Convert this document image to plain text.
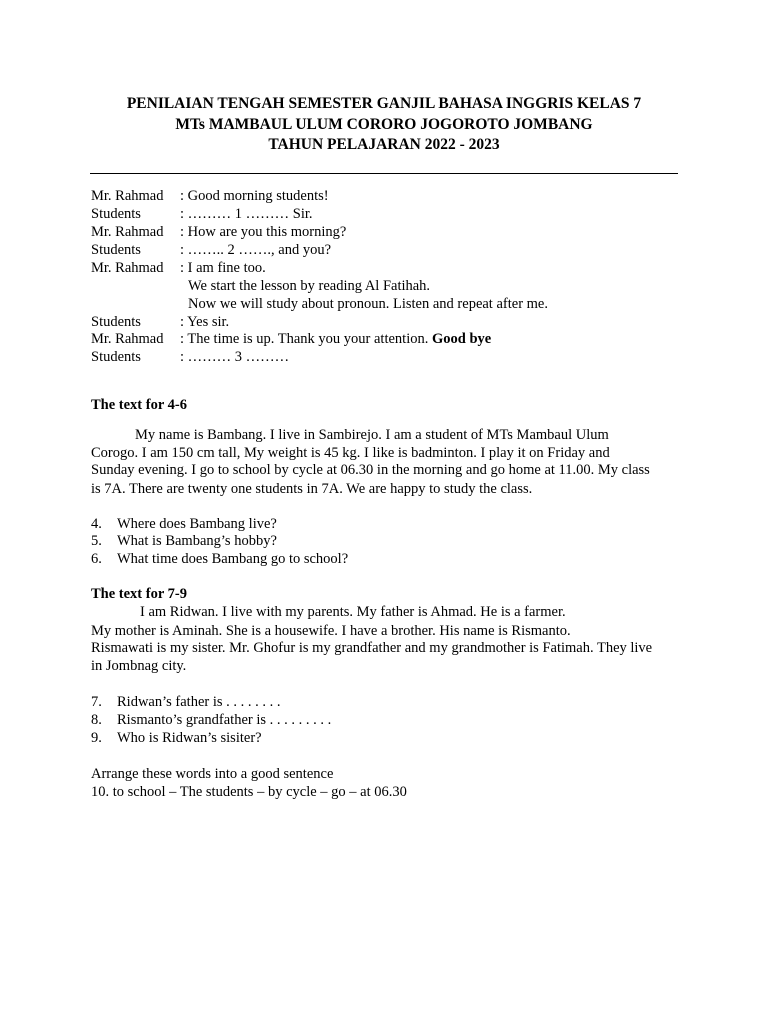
PENILAIAN TENGAH SEMESTER GANJIL BAHASA INGGRIS KELAS 7
MTs MAMBAUL ULUM CORORO JOGOROTO JOMBANG
TAHUN PELAJARAN 2022 - 2023
Mr. Rahmad : Good morning students!
Students	: ……… 1 ……… Sir.
Mr. Rahmad : How are you this morning?
Students	: …….. 2 ……., and you?
Mr. Rahmad : I am fine too.
We start the lesson by reading Al Fatihah.
Now we will study about pronoun. Listen and repeat after me.
Students	: Yes sir.
Mr. Rahmad : The time is up. Thank you your attention. Good bye
Students	: ……… 3 ………
The text for 4-6
My name is Bambang. I live in Sambirejo. I am a student of MTs Mambaul Ulum
Corogo. I am 150 cm tall, My weight is 45 kg. I like is badminton. I play it on Friday and
Sunday evening. I go to school by cycle at 06.30 in the morning and go home at 11.00. My class
is 7A. There are twenty one students in 7A. We are happy to study the class.
4. Where does Bambang live?
5. What is Bambang’s hobby?
6. What time does Bambang go to school?
The text for 7-9
I am Ridwan. I live with my parents. My father is Ahmad. He is a farmer.
My mother is Aminah. She is a housewife. I have a brother. His name is Rismanto.
Rismawati is my sister. Mr. Ghofur is my grandfather and my grandmother is Fatimah. They live
in Jombnag city.
7. Ridwan’s father is . . . . . . . .
8. Rismanto’s grandfather is . . . . . . . . .
9. Who is Ridwan’s sisiter?
Arrange these words into a good sentence
10. to school – The students – by cycle – go – at 06.30
